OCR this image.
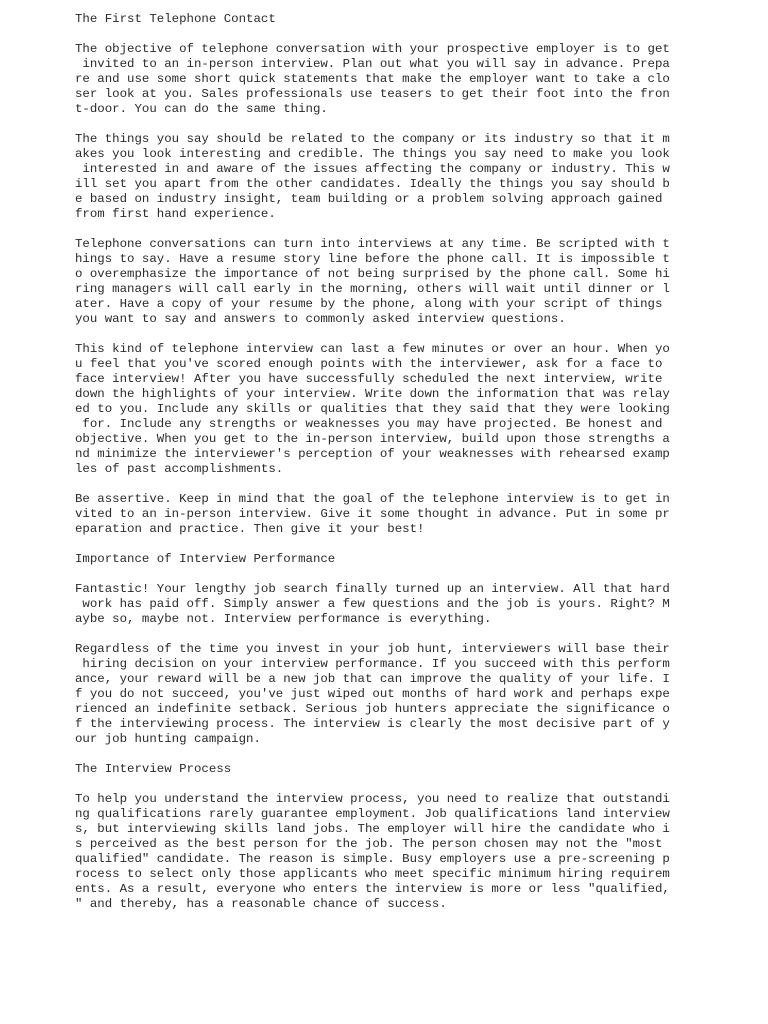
The First Telephone Contact
The objective of telephone conversation with your prospective employer is to get
invited to an in-person interview. Plan out what you will say in advance. Prepa
re and use some short quick statements that make the employer want to take a clo
ser look at you. Sales professionals use teasers to get their foot into the fron
t-door. You can do the same thing.
The things you say should be related to the company or its industry so that it m
akes you look interesting and credible. The things you say need to make you look
interested in and aware of the issues affecting the company or industry. This w
ill set you apart from the other candidates. Ideally the things you say should b
e based on industry insight, team building or a problem solving approach gained
from first hand experience.
Telephone conversations can turn into interviews at any time. Be scripted with t
hings to say. Have a resume story line before the phone call. It is impossible t
o overemphasize the importance of not being surprised by the phone call. Some hi
ring managers will call early in the morning, others will wait until dinner or l
ater. Have a copy of your resume by the phone, along with your script of things
you want to say and answers to commonly asked interview questions.
This kind of telephone interview can last a few minutes or over an hour. When yo
u feel that you've scored enough points with the interviewer, ask for a face to
face interview! After you have successfully scheduled the next interview, write
down the highlights of your interview. Write down the information that was relay
ed to you. Include any skills or qualities that they said that they were looking
for. Include any strengths or weaknesses you may have projected. Be honest and
objective. When you get to the in-person interview, build upon those strengths a
nd minimize the interviewer's perception of your weaknesses with rehearsed examp
les of past accomplishments.
Be assertive. Keep in mind that the goal of the telephone interview is to get in
vited to an in-person interview. Give it some thought in advance. Put in some pr
eparation and practice. Then give it your best!
Importance of Interview Performance
Fantastic! Your lengthy job search finally turned up an interview. All that hard
work has paid off. Simply answer a few questions and the job is yours. Right? M
aybe so, maybe not. Interview performance is everything.
Regardless of the time you invest in your job hunt, interviewers will base their
hiring decision on your interview performance. If you succeed with this perform
ance, your reward will be a new job that can improve the quality of your life. I
f you do not succeed, you've just wiped out months of hard work and perhaps expe
rienced an indefinite setback. Serious job hunters appreciate the significance o
f the interviewing process. The interview is clearly the most decisive part of y
our job hunting campaign.
The Interview Process
To help you understand the interview process, you need to realize that outstandi
ng qualifications rarely guarantee employment. Job qualifications land interview
s, but interviewing skills land jobs. The employer will hire the candidate who i
s perceived as the best person for the job. The person chosen may not the "most
qualified" candidate. The reason is simple. Busy employers use a pre-screening p
rocess to select only those applicants who meet specific minimum hiring requirem
ents. As a result, everyone who enters the interview is more or less "qualified,
" and thereby, has a reasonable chance of success.
